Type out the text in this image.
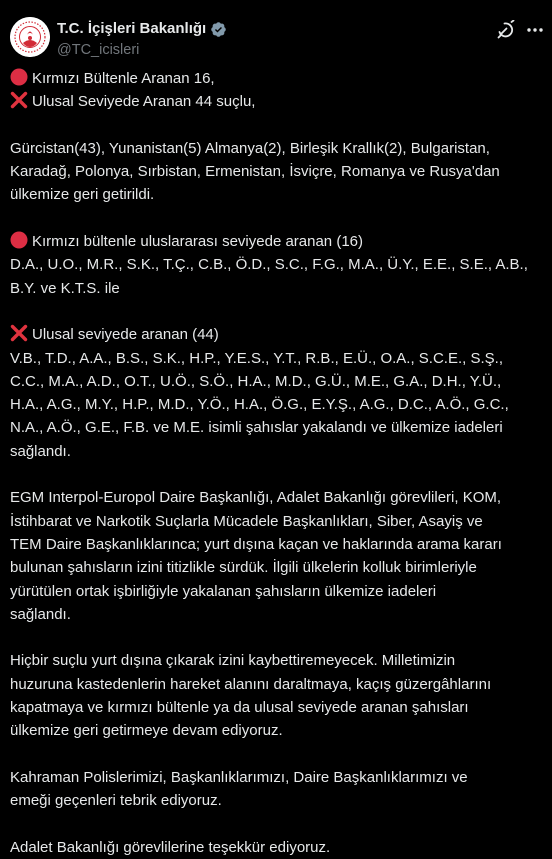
T.C. İçişleri Bakanlığı
@TC_icisleri
Kırmızı Bültenle Aranan 16,
Ulusal Seviyede Aranan 44 suçlu,
Gürcistan(43), Yunanistan(5) Almanya(2), Birleşik Krallık(2), Bulgaristan,
Karadağ, Polonya, Sırbistan, Ermenistan, İsviçre, Romanya ve Rusya'dan
ülkemize geri getirildi.
Kırmızı bültenle uluslararası seviyede aranan (16)
D.A., U.O., M.R., S.K., T.Ç., C.B., Ö.D., S.C., F.G., M.A., Ü.Y., E.E., S.E., A.B.,
B.Y. ve K.T.S. ile
Ulusal seviyede aranan (44)
V.B., T.D., A.A., B.S., S.K., H.P., Y.E.S., Y.T., R.B., E.Ü., O.A., S.C.E., S.Ş.,
C.C., M.A., A.D., O.T., U.Ö., S.Ö., H.A., M.D., G.Ü., M.E., G.A., D.H., Y.Ü.,
H.A., A.G., M.Y., H.P., M.D., Y.Ö., H.A., Ö.G., E.Y.Ş., A.G., D.C., A.Ö., G.C.,
N.A., A.Ö., G.E., F.B. ve M.E. isimli şahıslar yakalandı ve ülkemize iadeleri
sağlandı.
EGM Interpol-Europol Daire Başkanlığı, Adalet Bakanlığı görevlileri, KOM,
İstihbarat ve Narkotik Suçlarla Mücadele Başkanlıkları, Siber, Asayiş ve
TEM Daire Başkanlıklarınca; yurt dışına kaçan ve haklarında arama kararı
bulunan şahısların izini titizlikle sürdük. İlgili ülkelerin kolluk birimleriyle
yürütülen ortak işbirliğiyle yakalanan şahısların ülkemize iadeleri
sağlandı.
Hiçbir suçlu yurt dışına çıkarak izini kaybettiremeyecek. Milletimizin
huzuruna kastedenlerin hareket alanını daraltmaya, kaçış güzergâhlarını
kapatmaya ve kırmızı bültenle ya da ulusal seviyede aranan şahısları
ülkemize geri getirmeye devam ediyoruz.
Kahraman Polislerimizi, Başkanlıklarımızı, Daire Başkanlıklarımızı ve
emeği geçenleri tebrik ediyoruz.
Adalet Bakanlığı görevlilerine teşekkür ediyoruz.
